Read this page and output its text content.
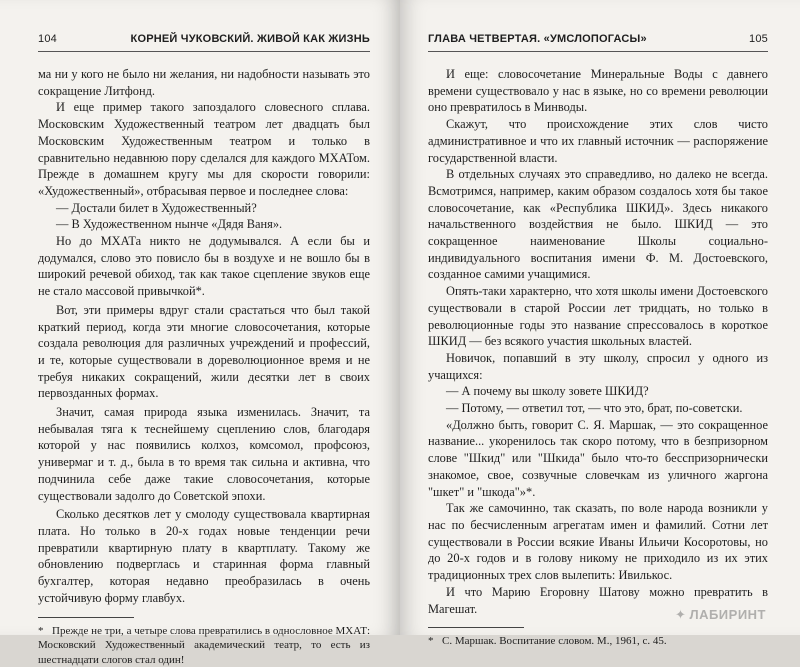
104	КОРНЕЙ ЧУКОВСКИЙ. ЖИВОЙ КАК ЖИЗНЬ

ма ни у кого не было ни желания, ни надобности называть это сокращение Литфонд.

И еще пример такого запоздалого словесного сплава. Московским Художественный театром лет двадцать был Московским Художественным театром и только в сравнительно недавнюю пору сделался для каждого МХАТом. Прежде в домашнем кругу мы для скорости говорили: «Художественный», отбрасывая первое и последнее слова:

— Достали билет в Художественный?

— В Художественном нынче «Дядя Ваня».

Но до МХАТа никто не додумывался. А если бы и додумался, слово это повисло бы в воздухе и не вошло бы в широкий речевой обиход, так как такое сцепление звуков еще не стало массовой привычкой*.

Вот, эти примеры вдруг стали срастаться что был такой краткий период, когда эти многие словосочетания, которые создала революция для различных учреждений и профессий, и те, которые существовали в дореволюционное время и не требуя никаких сокращений, жили десятки лет в своих первозданных формах.

Значит, самая природа языка изменилась. Значит, та небывалая тяга к теснейшему сцеплению слов, благодаря которой у нас появились колхоз, комсомол, профсоюз, универмаг и т. д., была в то время так сильна и активна, что подчинила себе даже такие словосочетания, которые существовали задолго до Советской эпохи.

Сколько десятков лет у смолоду существовала квартирная плата. Но только в 20-х годах новые тенденции речи превратили квартирную плату в квартплату. Такому же обновлению подверглась и старинная форма главный бухгалтер, которая недавно преобразилась в очень устойчивую форму главбух.

* Прежде не три, а четыре слова превратились в однословное МХАТ: Московский Художественный академический театр, то есть из шестнадцати слогов стал один!
ГЛАВА ЧЕТВЕРТАЯ. «УМСЛОПОГАСЫ»	105

И еще: словосочетание Минеральные Воды с давнего времени существовало у нас в языке, но со времени революции оно превратилось в Минводы.

Скажут, что происхождение этих слов чисто административное и что их главный источник — распоряжение государственной власти.

В отдельных случаях это справедливо, но далеко не всегда. Всмотримся, например, каким образом создалось хотя бы такое словосочетание, как «Республика ШКИД». Здесь никакого начальственного воздействия не было. ШКИД — это сокращенное наименование Школы социально-индивидуального воспитания имени Ф. М. Достоевского, созданное самими учащимися.

Опять-таки характерно, что хотя школы имени Достоевского существовали в старой России лет тридцать, но только в революционные годы это название спрессовалось в короткое ШКИД — без всякого участия школьных властей.

Новичок, попавший в эту школу, спросил у одного из учащихся:

— А почему вы школу зовете ШКИД?

— Потому, — ответил тот, — что это, брат, по-советски.

«Должно быть, говорит С. Я. Маршак, — это сокращенное название... укоренилось так скоро потому, что в безпризорном слове "Шкид" или "Шкида" было что-то бесспризорнически знакомое, свое, созвучные словечкам из уличного жаргона "шкет" и "шкода"»*.

Так же самочинно, так сказать, по воле народа возникли у нас по бесчисленным агрегатам имен и фамилий. Сотни лет существовали в России всякие Иваны Ильичи Косоротовы, но до 20-х годов и в голову никому не приходило из их этих традиционных трех слов вылепить: Ивилькос.

И что Марию Егоровну Шатову можно превратить в Магешат.

* С. Маршак. Воспитание словом. М., 1961, с. 45.
✦ ЛАБИРИНТ
